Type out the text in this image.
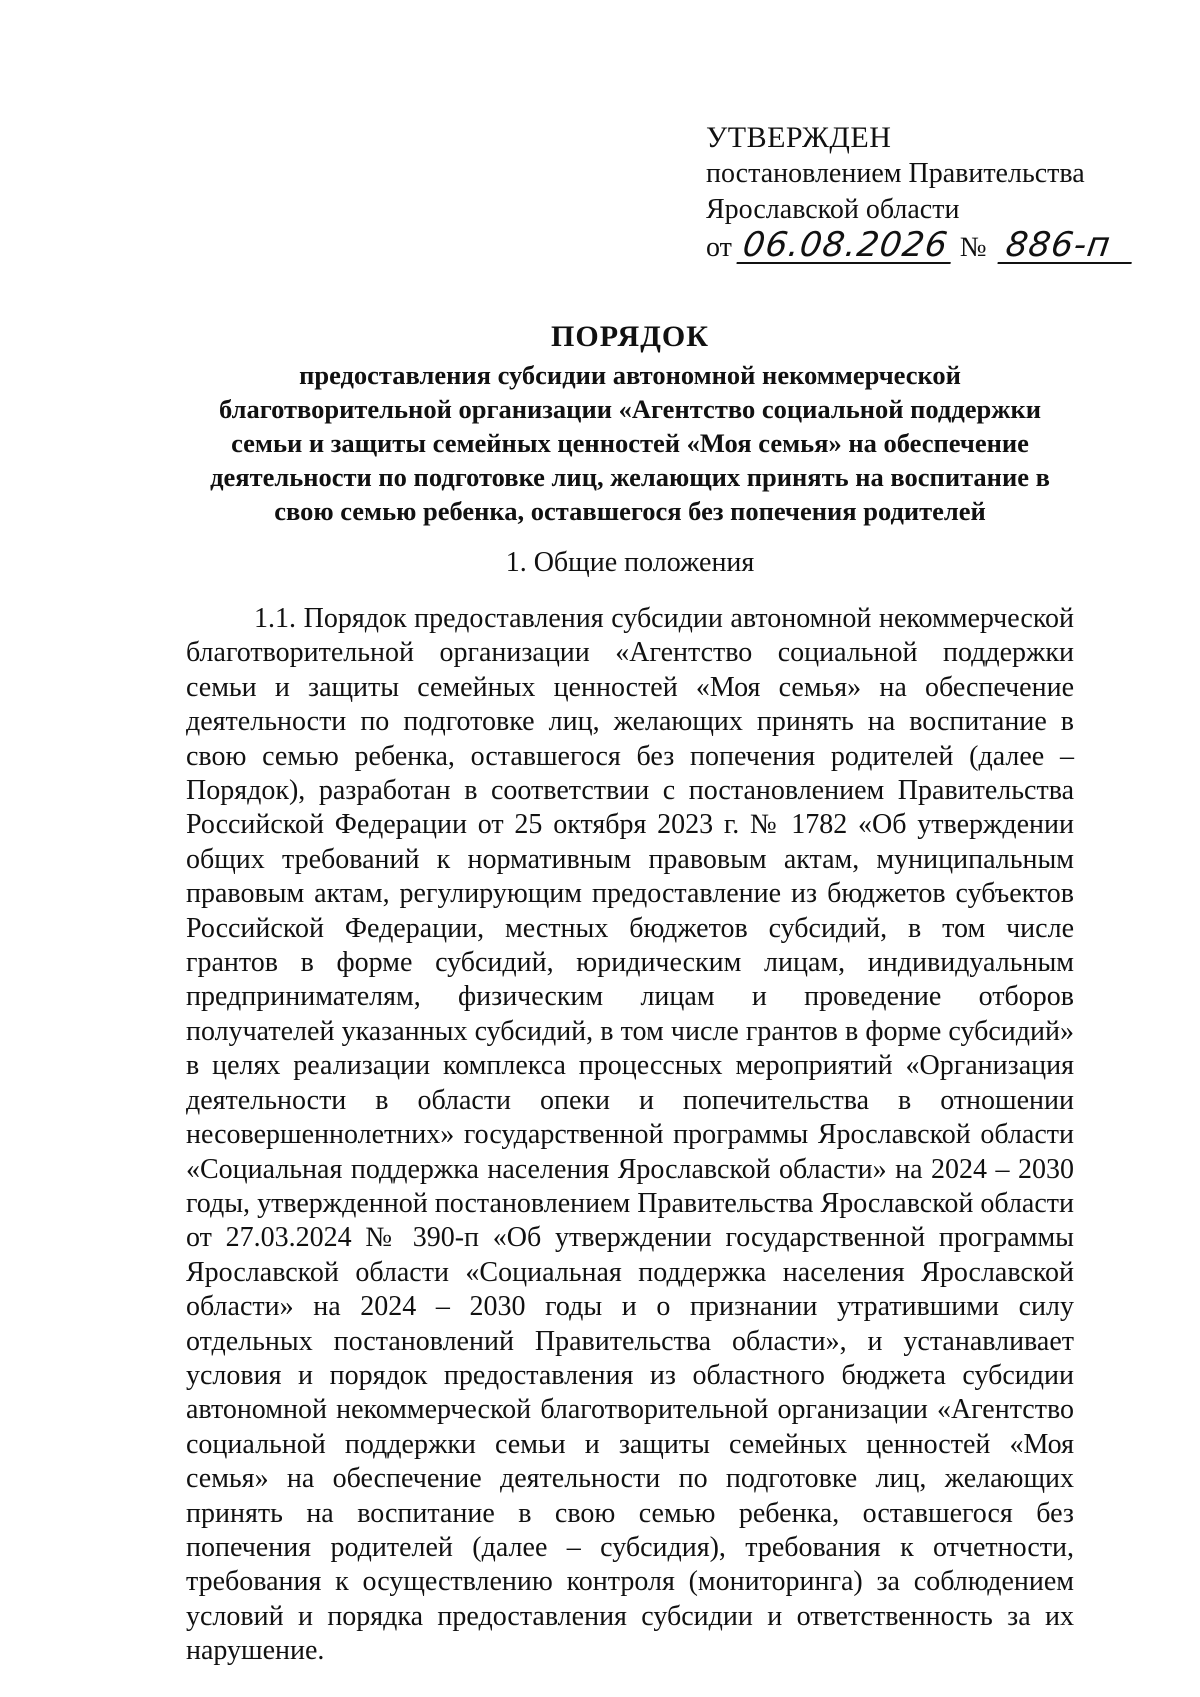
УТВЕРЖДЕН
постановлением Правительства
Ярославской области
от 06.08.2026 № 886-п
ПОРЯДОК
предоставления субсидии автономной некоммерческой благотворительной организации «Агентство социальной поддержки семьи и защиты семейных ценностей «Моя семья» на обеспечение деятельности по подготовке лиц, желающих принять на воспитание в свою семью ребенка, оставшегося без попечения родителей
1. Общие положения

1.1. Порядок предоставления субсидии автономной некоммерческой благотворительной организации «Агентство социальной поддержки семьи и защиты семейных ценностей «Моя семья» на обеспечение деятельности по подготовке лиц, желающих принять на воспитание в свою семью ребенка, оставшегося без попечения родителей (далее – Порядок), разработан в соответствии с постановлением Правительства Российской Федерации от 25 октября 2023 г. № 1782 «Об утверждении общих требований к нормативным правовым актам, муниципальным правовым актам, регулирующим предоставление из бюджетов субъектов Российской Федерации, местных бюджетов субсидий, в том числе грантов в форме субсидий, юридическим лицам, индивидуальным предпринимателям, физическим лицам и проведение отборов получателей указанных субсидий, в том числе грантов в форме субсидий» в целях реализации комплекса процессных мероприятий «Организация деятельности в области опеки и попечительства в отношении несовершеннолетних» государственной программы Ярославской области «Социальная поддержка населения Ярославской области» на 2024 – 2030 годы, утвержденной постановлением Правительства Ярославской области от 27.03.2024 № 390-п «Об утверждении государственной программы Ярославской области «Социальная поддержка населения Ярославской области» на 2024 – 2030 годы и о признании утратившими силу отдельных постановлений Правительства области», и устанавливает условия и порядок предоставления из областного бюджета субсидии автономной некоммерческой благотворительной организации «Агентство социальной поддержки семьи и защиты семейных ценностей «Моя семья» на обеспечение деятельности по подготовке лиц, желающих принять на воспитание в свою семью ребенка, оставшегося без попечения родителей (далее – субсидия), требования к отчетности, требования к осуществлению контроля (мониторинга) за соблюдением условий и порядка предоставления субсидии и ответственность за их нарушение.
